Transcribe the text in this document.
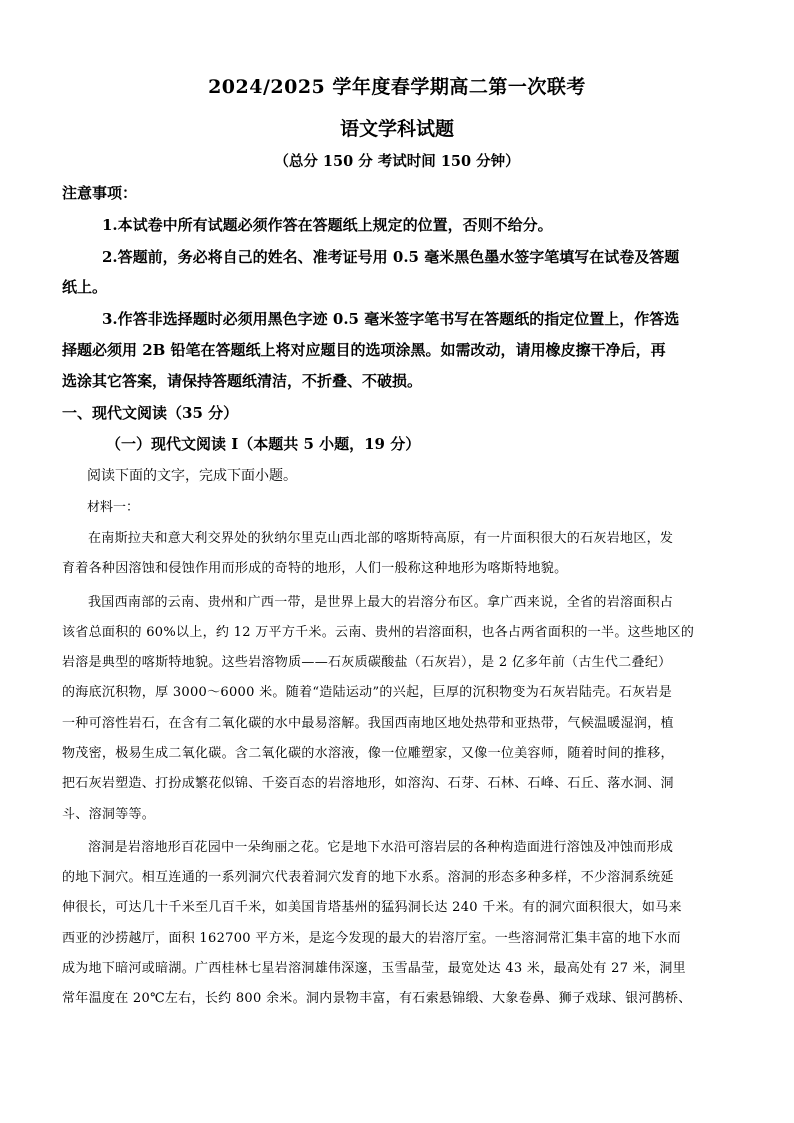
2024/2025 学年度春学期高二第一次联考
语文学科试题
（总分 150 分 考试时间 150 分钟）
注意事项：
1.本试卷中所有试题必须作答在答题纸上规定的位置，否则不给分。
2.答题前，务必将自己的姓名、准考证号用 0.5 毫米黑色墨水签字笔填写在试卷及答题
纸上。
3.作答非选择题时必须用黑色字迹 0.5 毫米签字笔书写在答题纸的指定位置上，作答选
择题必须用 2B 铅笔在答题纸上将对应题目的选项涂黑。如需改动，请用橡皮擦干净后，再
选涂其它答案，请保持答题纸清洁，不折叠、不破损。
一、现代文阅读（35 分）
（一）现代文阅读 I（本题共 5 小题，19 分）
阅读下面的文字，完成下面小题。
材料一：
在南斯拉夫和意大利交界处的狄纳尔里克山西北部的喀斯特高原，有一片面积很大的石灰岩地区，发
育着各种因溶蚀和侵蚀作用而形成的奇特的地形，人们一般称这种地形为喀斯特地貌。
我国西南部的云南、贵州和广西一带，是世界上最大的岩溶分布区。拿广西来说，全省的岩溶面积占
该省总面积的 60%以上，约 12 万平方千米。云南、贵州的岩溶面积，也各占两省面积的一半。这些地区的
岩溶是典型的喀斯特地貌。这些岩溶物质——石灰质碳酸盐（石灰岩），是 2 亿多年前（古生代二叠纪）
的海底沉积物，厚 3000～6000 米。随着“造陆运动”的兴起，巨厚的沉积物变为石灰岩陆壳。石灰岩是
一种可溶性岩石，在含有二氧化碳的水中最易溶解。我国西南地区地处热带和亚热带，气候温暖湿润，植
物茂密，极易生成二氧化碳。含二氧化碳的水溶液，像一位雕塑家，又像一位美容师，随着时间的推移，
把石灰岩塑造、打扮成繁花似锦、千姿百态的岩溶地形，如溶沟、石芽、石林、石峰、石丘、落水洞、洞
斗、溶洞等等。
溶洞是岩溶地形百花园中一朵绚丽之花。它是地下水沿可溶岩层的各种构造面进行溶蚀及冲蚀而形成
的地下洞穴。相互连通的一系列洞穴代表着洞穴发育的地下水系。溶洞的形态多种多样，不少溶洞系统延
伸很长，可达几十千米至几百千米，如美国肯塔基州的猛犸洞长达 240 千米。有的洞穴面积很大，如马来
西亚的沙捞越厅，面积 162700 平方米，是迄今发现的最大的岩溶厅室。一些溶洞常汇集丰富的地下水而
成为地下暗河或暗湖。广西桂林七星岩溶洞雄伟深邃，玉雪晶莹，最宽处达 43 米，最高处有 27 米，洞里
常年温度在 20℃左右，长约 800 余米。洞内景物丰富，有石索悬锦缎、大象卷鼻、狮子戏球、银河鹊桥、
